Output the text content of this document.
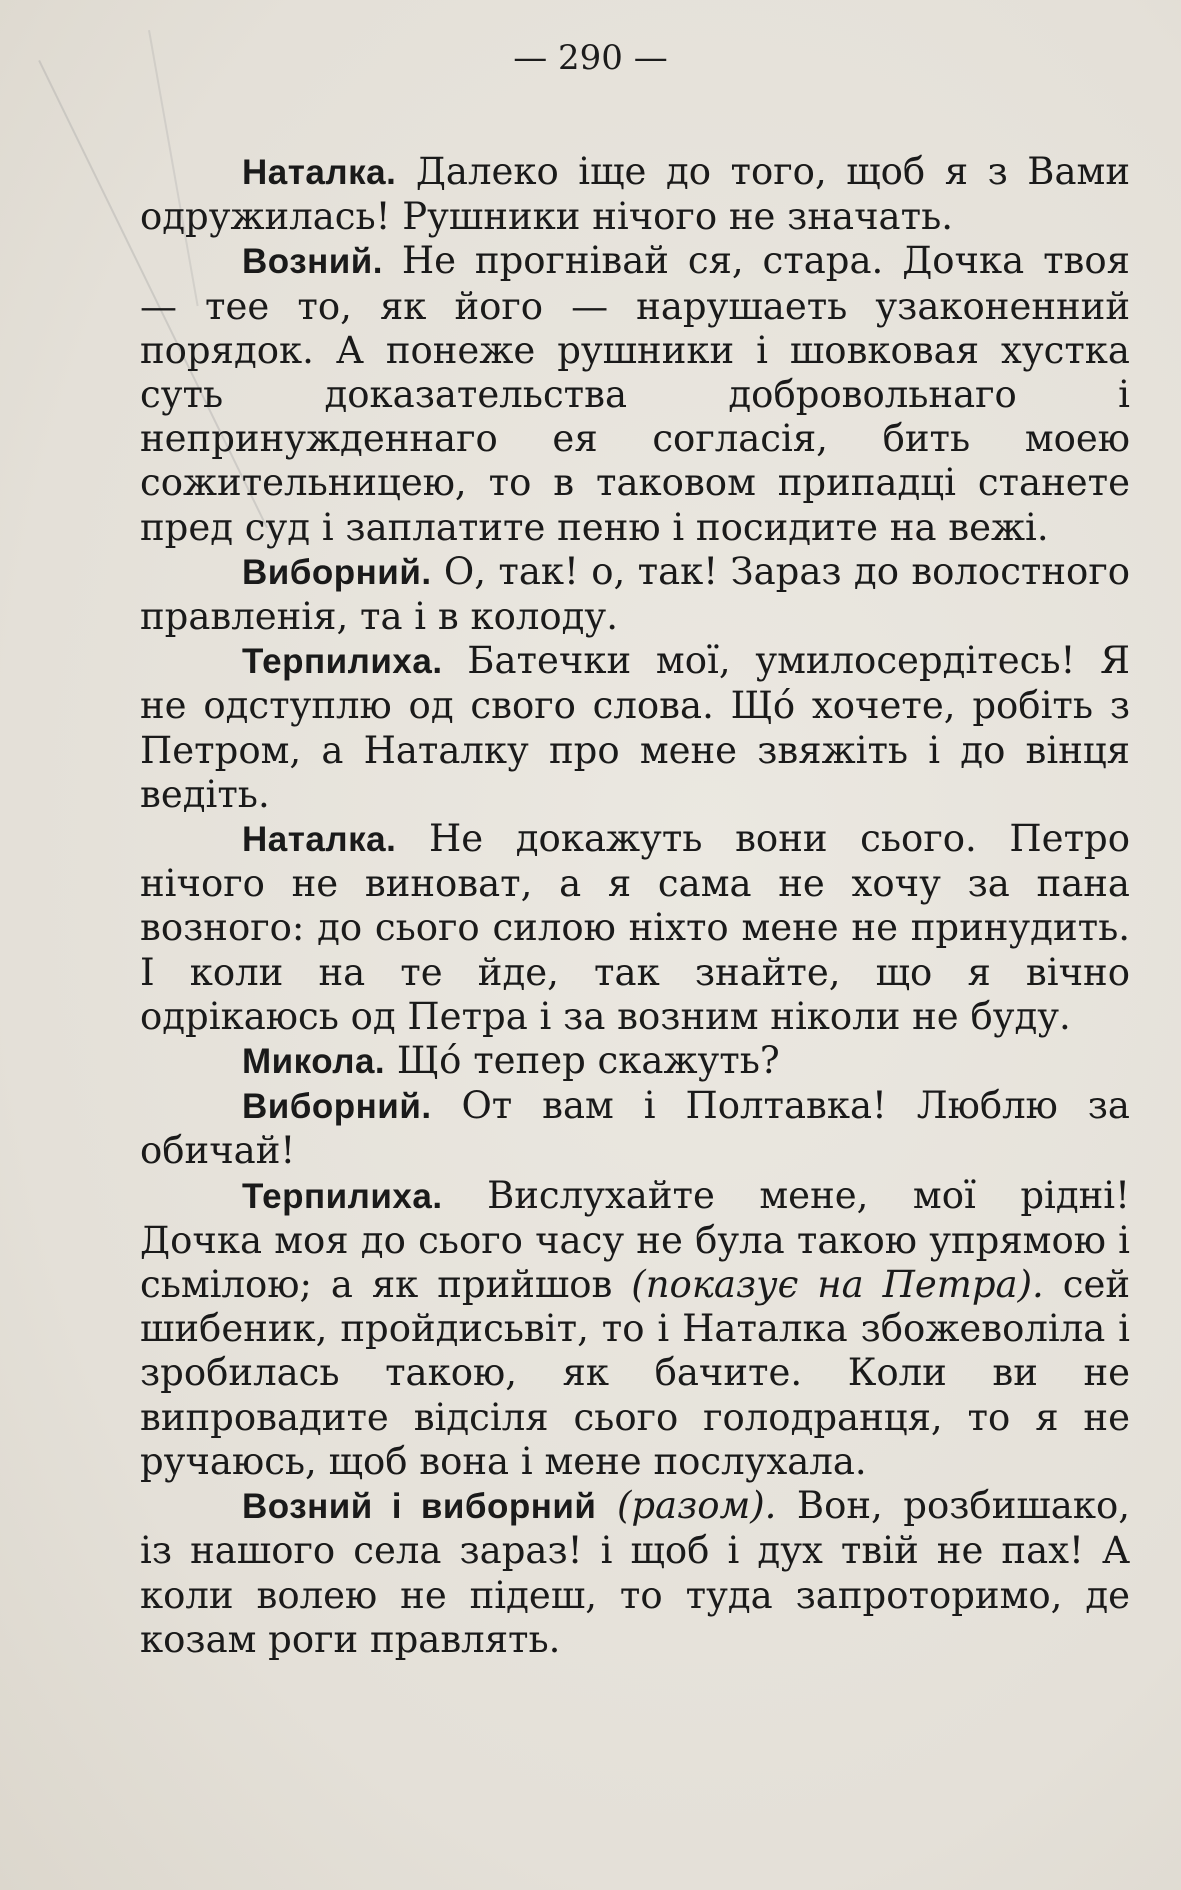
— 290 —

Наталка. Далеко іще до того, щоб я з Вами одружилась! Рушники нічого не значать.

Возний. Не прогнівай ся, стара. Дочка твоя — тее то, як його — нарушаеть узаконенний порядок. А понеже рушники і шовковая хустка суть доказательства добровольнаго і непринужденнаго ея согласія, бить моею сожительницею, то в таковом припадці станете пред суд і заплатите пеню і посидите на вежі.

Виборний. О, так! о, так! Зараз до волостного правленія, та і в колоду.

Терпилиха. Батечки мої, умилосердітесь! Я не одступлю од свого слова. Щó хочете, робіть з Петром, а Наталку про мене звяжіть і до вінця ведіть.

Наталка. Не докажуть вони сього. Петро нічого не виноват, а я сама не хочу за пана возного: до сього силою ніхто мене не принудить. І коли на те йде, так знайте, що я вічно одрікаюсь од Петра і за возним ніколи не буду.

Микола. Щó тепер скажуть?

Виборний. От вам і Полтавка! Люблю за обичай!

Терпилиха. Вислухайте мене, мої рідні! Дочка моя до сього часу не була такою упрямою і сьмілою; а як прийшов (показує на Петра). сей шибеник, пройдисьвіт, то і Наталка збожеволіла і зробилась такою, як бачите. Коли ви не випровадите відсіля сього голодранця, то я не ручаюсь, щоб вона і мене послухала.

Возний і виборний (разом). Вон, розбишако, із нашого села зараз! і щоб і дух твій не пах! А коли волею не підеш, то туда запроторимо, де козам роги правлять.
